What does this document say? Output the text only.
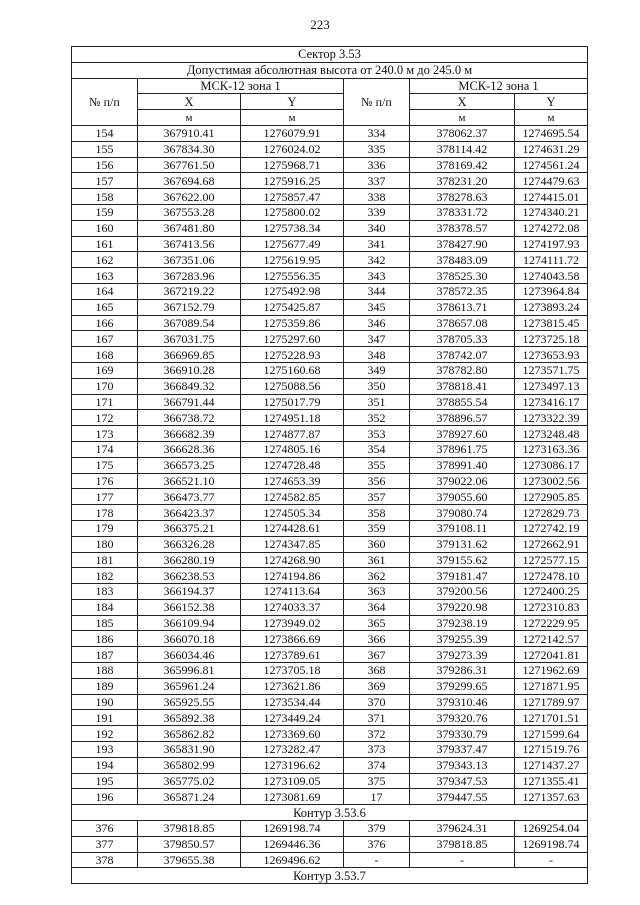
223
Сектор 3.53					
Допустимая абсолютная высота от 240.0 м до 245.0 м					
№ п/п	МСК-12 зона 1		№ п/п	МСК-12 зона 1	
	X	Y		X	Y
	м	м		м	м
154	367910.41	1276079.91	334	378062.37	1274695.54
155	367834.30	1276024.02	335	378114.42	1274631.29
156	367761.50	1275968.71	336	378169.42	1274561.24
157	367694.68	1275916.25	337	378231.20	1274479.63
158	367622.00	1275857.47	338	378278.63	1274415.01
159	367553.28	1275800.02	339	378331.72	1274340.21
160	367481.80	1275738.34	340	378378.57	1274272.08
161	367413.56	1275677.49	341	378427.90	1274197.93
162	367351.06	1275619.95	342	378483.09	1274111.72
163	367283.96	1275556.35	343	378525.30	1274043.58
164	367219.22	1275492.98	344	378572.35	1273964.84
165	367152.79	1275425.87	345	378613.71	1273893.24
166	367089.54	1275359.86	346	378657.08	1273815.45
167	367031.75	1275297.60	347	378705.33	1273725.18
168	366969.85	1275228.93	348	378742.07	1273653.93
169	366910.28	1275160.68	349	378782.80	1273571.75
170	366849.32	1275088.56	350	378818.41	1273497.13
171	366791.44	1275017.79	351	378855.54	1273416.17
172	366738.72	1274951.18	352	378896.57	1273322.39
173	366682.39	1274877.87	353	378927.60	1273248.48
174	366628.36	1274805.16	354	378961.75	1273163.36
175	366573.25	1274728.48	355	378991.40	1273086.17
176	366521.10	1274653.39	356	379022.06	1273002.56
177	366473.77	1274582.85	357	379055.60	1272905.85
178	366423.37	1274505.34	358	379080.74	1272829.73
179	366375.21	1274428.61	359	379108.11	1272742.19
180	366326.28	1274347.85	360	379131.62	1272662.91
181	366280.19	1274268.90	361	379155.62	1272577.15
182	366238.53	1274194.86	362	379181.47	1272478.10
183	366194.37	1274113.64	363	379200.56	1272400.25
184	366152.38	1274033.37	364	379220.98	1272310.83
185	366109.94	1273949.02	365	379238.19	1272229.95
186	366070.18	1273866.69	366	379255.39	1272142.57
187	366034.46	1273789.61	367	379273.39	1272041.81
188	365996.81	1273705.18	368	379286.31	1271962.69
189	365961.24	1273621.86	369	379299.65	1271871.95
190	365925.55	1273534.44	370	379310.46	1271789.97
191	365892.38	1273449.24	371	379320.76	1271701.51
192	365862.82	1273369.60	372	379330.79	1271599.64
193	365831.90	1273282.47	373	379337.47	1271519.76
194	365802.99	1273196.62	374	379343.13	1271437.27
195	365775.02	1273109.05	375	379347.53	1271355.41
196	365871.24	1273081.69	17	379447.55	1271357.63
Контур 3.53.6					
376	379818.85	1269198.74	379	379624.31	1269254.04
377	379850.57	1269446.36	376	379818.85	1269198.74
378	379655.38	1269496.62	-	-	-
Контур 3.53.7					
